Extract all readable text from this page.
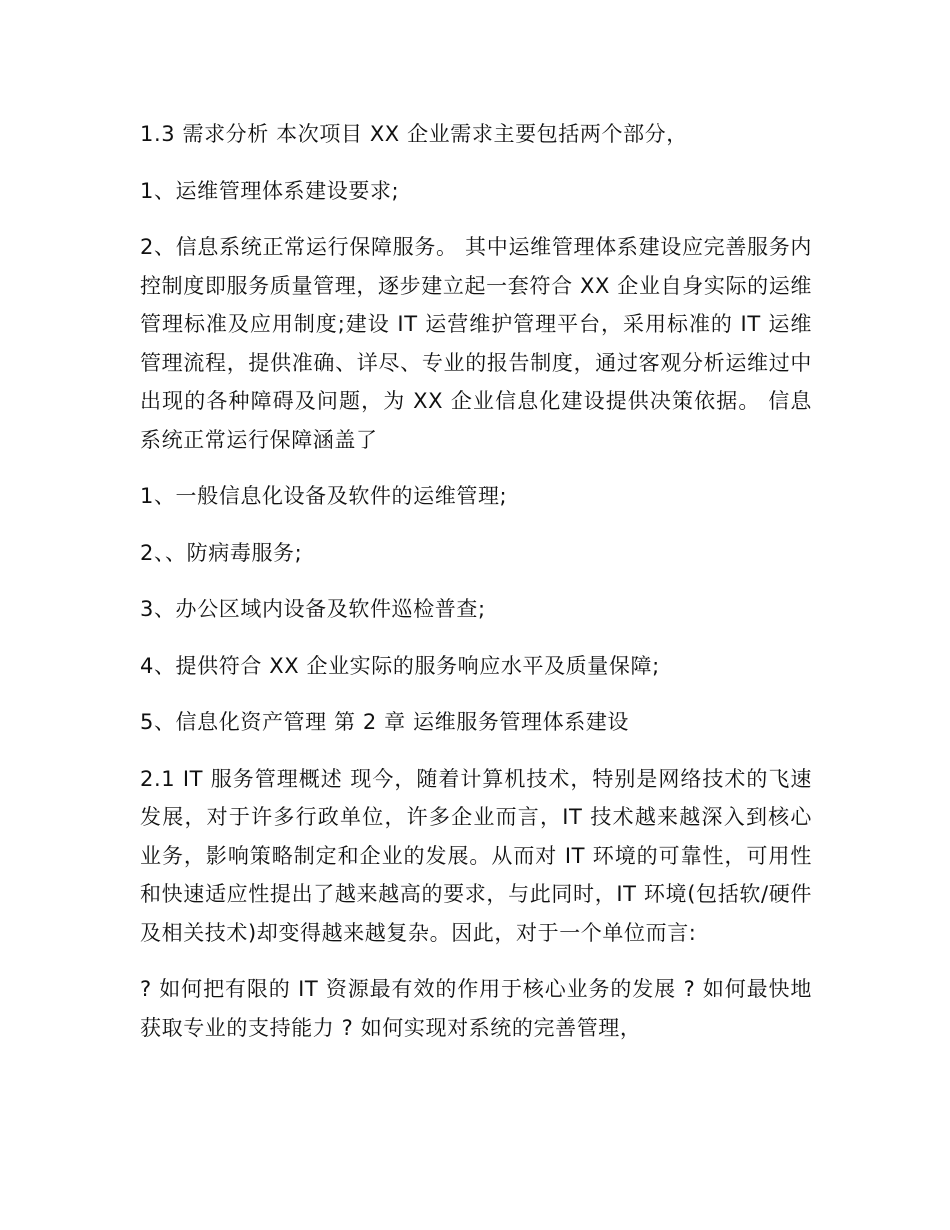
1.3 需求分析 本次项目 XX 企业需求主要包括两个部分，

1、运维管理体系建设要求;

2、信息系统正常运行保障服务。 其中运维管理体系建设应完善服务内控制度即服务质量管理，逐步建立起一套符合 XX 企业自身实际的运维管理标准及应用制度;建设 IT 运营维护管理平台，采用标准的 IT 运维管理流程，提供准确、详尽、专业的报告制度，通过客观分析运维过中出现的各种障碍及问题，为 XX 企业信息化建设提供决策依据。 信息系统正常运行保障涵盖了

1、一般信息化设备及软件的运维管理;

2、、防病毒服务;

3、办公区域内设备及软件巡检普查;

4、提供符合 XX 企业实际的服务响应水平及质量保障;

5、信息化资产管理 第 2 章 运维服务管理体系建设

2.1 IT 服务管理概述 现今，随着计算机技术，特别是网络技术的飞速发展，对于许多行政单位，许多企业而言，IT 技术越来越深入到核心业务，影响策略制定和企业的发展。从而对 IT 环境的可靠性，可用性和快速适应性提出了越来越高的要求，与此同时，IT 环境(包括软/硬件及相关技术)却变得越来越复杂。因此，对于一个单位而言:

? 如何把有限的 IT 资源最有效的作用于核心业务的发展 ? 如何最快地获取专业的支持能力 ? 如何实现对系统的完善管理，
